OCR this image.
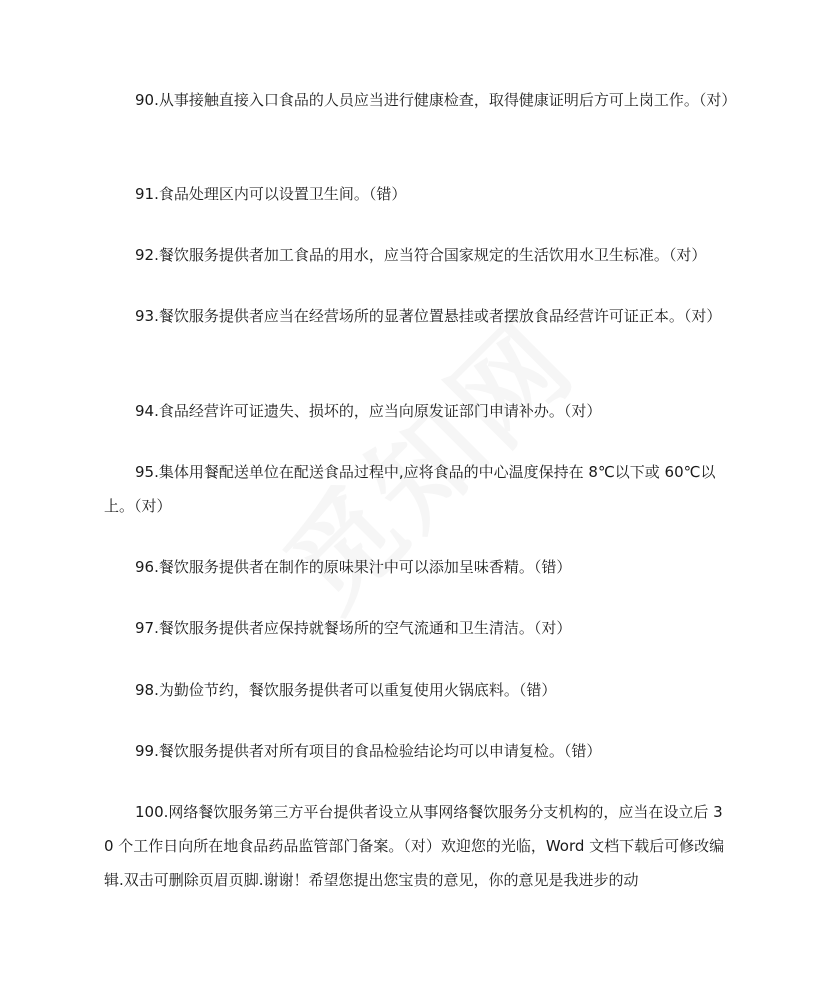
90.从事接触直接入口食品的人员应当进行健康检查，取得健康证明后方可上岗工作。（对）

91.食品处理区内可以设置卫生间。（错）

92.餐饮服务提供者加工食品的用水，应当符合国家规定的生活饮用水卫生标准。（对）

93.餐饮服务提供者应当在经营场所的显著位置悬挂或者摆放食品经营许可证正本。（对）

94.食品经营许可证遗失、损坏的，应当向原发证部门申请补办。（对）

95.集体用餐配送单位在配送食品过程中,应将食品的中心温度保持在 8℃以下或 60℃以上。（对）

96.餐饮服务提供者在制作的原味果汁中可以添加呈味香精。（错）

97.餐饮服务提供者应保持就餐场所的空气流通和卫生清洁。（对）

98.为勤俭节约，餐饮服务提供者可以重复使用火锅底料。（错）

99.餐饮服务提供者对所有项目的食品检验结论均可以申请复检。（错）

100.网络餐饮服务第三方平台提供者设立从事网络餐饮服务分支机构的，应当在设立后 30 个工作日向所在地食品药品监管部门备案。（对）欢迎您的光临，Word 文档下载后可修改编辑.双击可删除页眉页脚.谢谢！希望您提出您宝贵的意见，你的意见是我进步的动
